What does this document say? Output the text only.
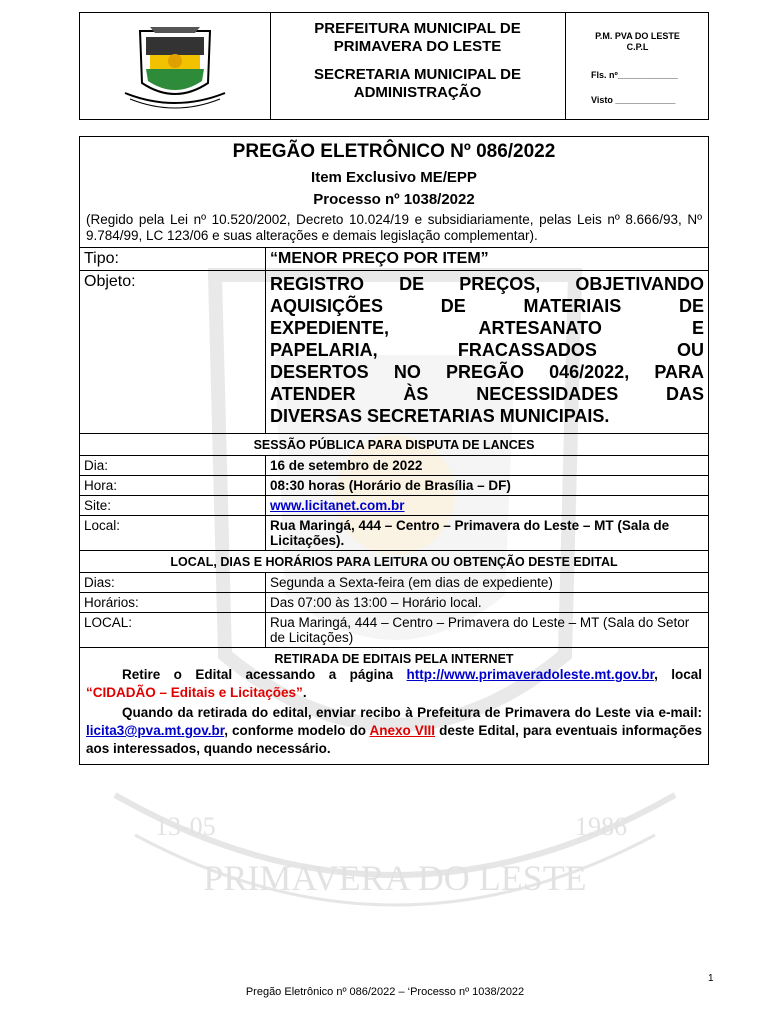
PRIMAVERA DO LESTE
13-05	1986
PREFEITURA MUNICIPAL DE
PRIMAVERA DO LESTE
SECRETARIA MUNICIPAL DE
ADMINISTRAÇÃO
P.M. PVA DO LESTE
C.P.L
Fls. nº____________
Visto ____________
PREGÃO ELETRÔNICO Nº 086/2022
Item Exclusivo ME/EPP
Processo nº 1038/2022
(Regido pela Lei nº 10.520/2002, Decreto 10.024/19 e subsidiariamente, pelas Leis nº 8.666/93, Nº 9.784/99, LC 123/06 e suas alterações e demais legislação complementar).
Tipo:	“MENOR PREÇO POR ITEM”
Objeto:	REGISTRO DE PREÇOS, OBJETIVANDO
AQUISIÇÕES DE MATERIAIS DE
EXPEDIENTE, ARTESANATO E
PAPELARIA, FRACASSADOS OU
DESERTOS NO PREGÃO 046/2022, PARA
ATENDER ÀS NECESSIDADES DAS
DIVERSAS SECRETARIAS MUNICIPAIS.
SESSÃO PÚBLICA PARA DISPUTA DE LANCES
Dia:	16 de setembro de 2022
Hora:	08:30 horas (Horário de Brasília – DF)
Site:	www.licitanet.com.br
Local:	Rua Maringá, 444 – Centro – Primavera do Leste – MT (Sala de Licitações).
LOCAL, DIAS E HORÁRIOS PARA LEITURA OU OBTENÇÃO DESTE EDITAL
Dias:	Segunda a Sexta-feira (em dias de expediente)
Horários:	Das 07:00 às 13:00 – Horário local.
LOCAL:	Rua Maringá, 444 – Centro – Primavera do Leste – MT (Sala do Setor de Licitações)
RETIRADA DE EDITAIS PELA INTERNET
Retire o Edital acessando a página http://www.primaveradoleste.mt.gov.br, local “CIDADÃO – Editais e Licitações”.
Quando da retirada do edital, enviar recibo à Prefeitura de Primavera do Leste via e-mail: licita3@pva.mt.gov.br, conforme modelo do Anexo VIII deste Edital, para eventuais informações aos interessados, quando necessário.
1
Pregão Eletrônico nº 086/2022 – ‘Processo nº 1038/2022
